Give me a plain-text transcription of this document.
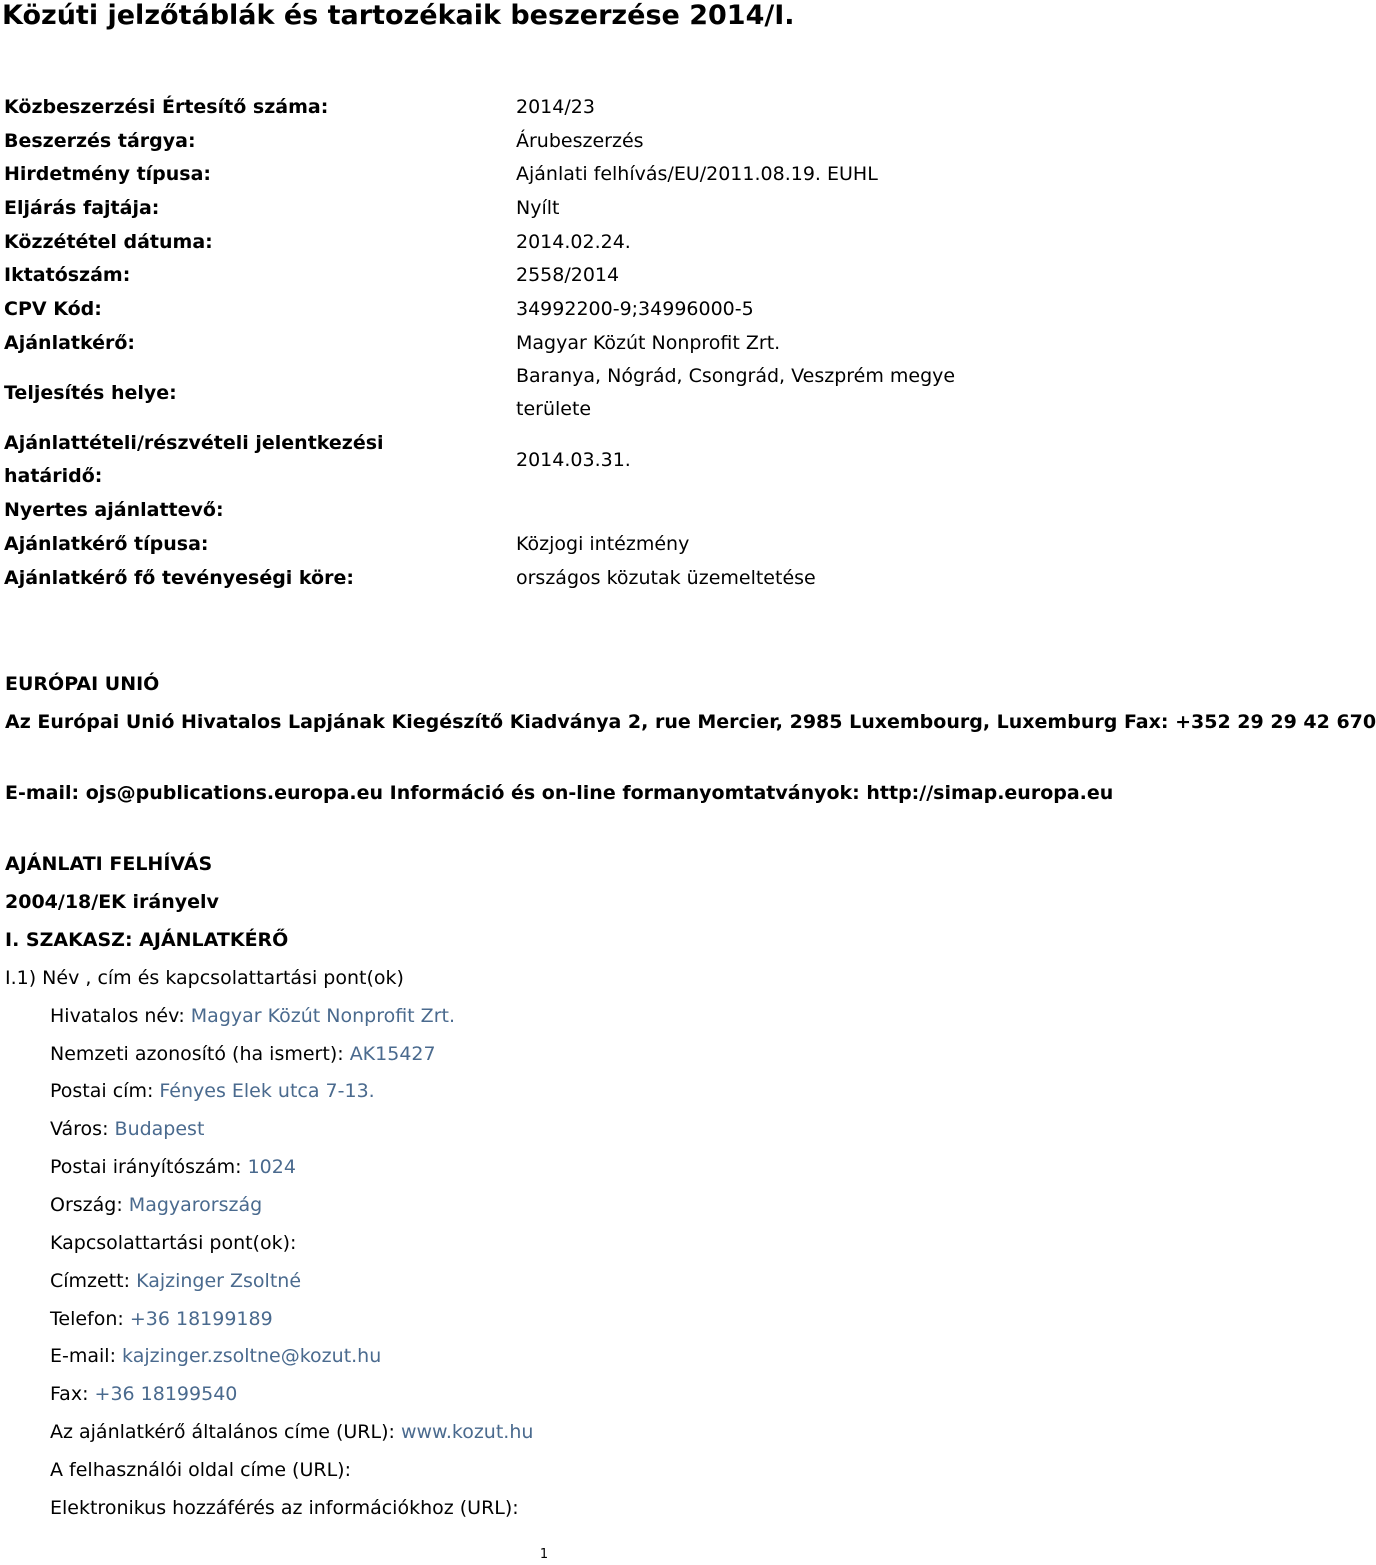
Közúti jelzőtáblák és tartozékaik beszerzése 2014/I.
Közbeszerzési Értesítő száma:	2014/23
Beszerzés tárgya:	Árubeszerzés
Hirdetmény típusa:	Ajánlati felhívás/EU/2011.08.19. EUHL
Eljárás fajtája:	Nyílt
Közzététel dátuma:	2014.02.24.
Iktatószám:	2558/2014
CPV Kód:	34992200-9;34996000-5
Ajánlatkérő:	Magyar Közút Nonprofit Zrt.
Teljesítés helye:
Baranya, Nógrád, Csongrád, Veszprém megye területe
Ajánlattételi/részvételi jelentkezési határidő:
2014.03.31.
Nyertes ajánlattevő:
Ajánlatkérő típusa:	Közjogi intézmény
Ajánlatkérő fő tevényeségi köre:	országos közutak üzemeltetése
EURÓPAI UNIÓ
Az Európai Unió Hivatalos Lapjának Kiegészítő Kiadványa 2, rue Mercier, 2985 Luxembourg, Luxemburg Fax: +352 29 29 42 670
E-mail: ojs@publications.europa.eu Információ és on-line formanyomtatványok: http://simap.europa.eu
AJÁNLATI FELHÍVÁS
2004/18/EK irányelv
I. SZAKASZ: AJÁNLATKÉRŐ
I.1) Név , cím és kapcsolattartási pont(ok)
Hivatalos név: Magyar Közút Nonprofit Zrt.
Nemzeti azonosító (ha ismert): AK15427
Postai cím: Fényes Elek utca 7-13.
Város: Budapest
Postai irányítószám: 1024
Ország: Magyarország
Kapcsolattartási pont(ok):
Címzett: Kajzinger Zsoltné
Telefon: +36 18199189
E-mail: kajzinger.zsoltne@kozut.hu
Fax: +36 18199540
Az ajánlatkérő általános címe (URL): www.kozut.hu
A felhasználói oldal címe (URL):
Elektronikus hozzáférés az információkhoz (URL):
1
